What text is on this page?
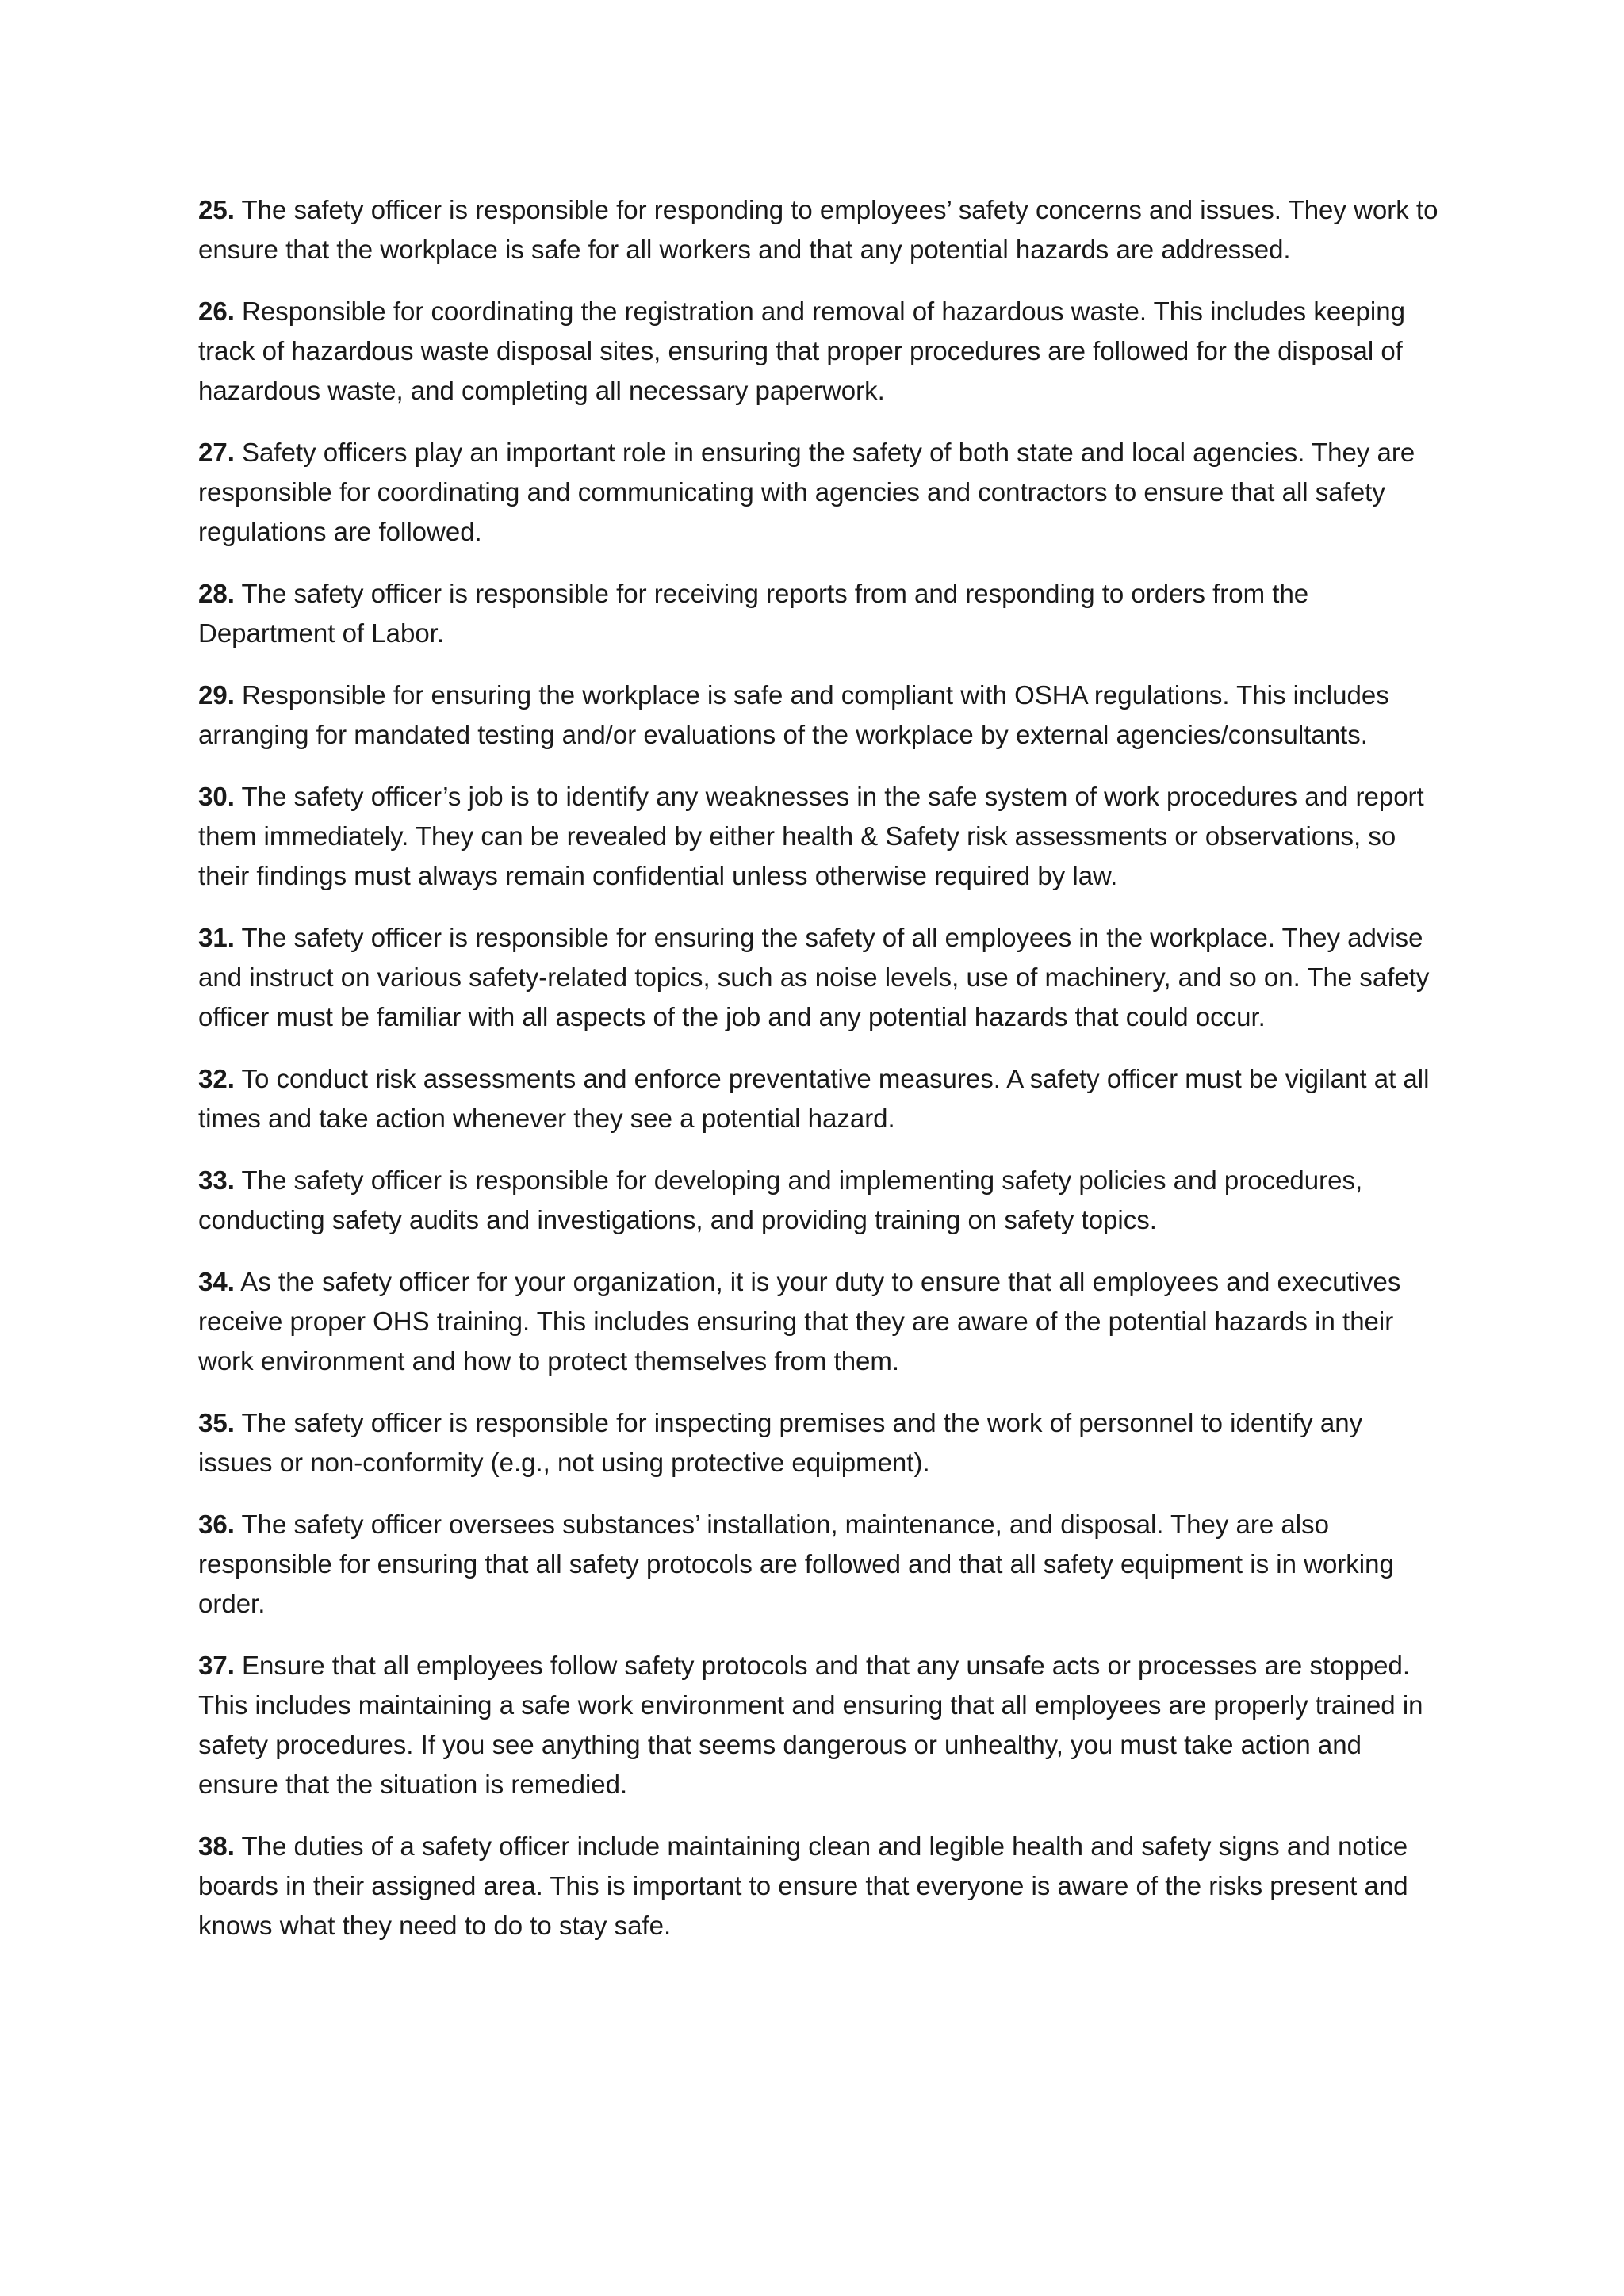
25. The safety officer is responsible for responding to employees’ safety concerns and issues. They work to ensure that the workplace is safe for all workers and that any potential hazards are addressed.

26. Responsible for coordinating the registration and removal of hazardous waste. This includes keeping track of hazardous waste disposal sites, ensuring that proper procedures are followed for the disposal of hazardous waste, and completing all necessary paperwork.

27. Safety officers play an important role in ensuring the safety of both state and local agencies. They are responsible for coordinating and communicating with agencies and contractors to ensure that all safety regulations are followed.

28. The safety officer is responsible for receiving reports from and responding to orders from the Department of Labor.

29. Responsible for ensuring the workplace is safe and compliant with OSHA regulations. This includes arranging for mandated testing and/or evaluations of the workplace by external agencies/consultants.

30. The safety officer’s job is to identify any weaknesses in the safe system of work procedures and report them immediately. They can be revealed by either health & Safety risk assessments or observations, so their findings must always remain confidential unless otherwise required by law.

31. The safety officer is responsible for ensuring the safety of all employees in the workplace. They advise and instruct on various safety-related topics, such as noise levels, use of machinery, and so on. The safety officer must be familiar with all aspects of the job and any potential hazards that could occur.

32. To conduct risk assessments and enforce preventative measures. A safety officer must be vigilant at all times and take action whenever they see a potential hazard.

33. The safety officer is responsible for developing and implementing safety policies and procedures, conducting safety audits and investigations, and providing training on safety topics.

34. As the safety officer for your organization, it is your duty to ensure that all employees and executives receive proper OHS training. This includes ensuring that they are aware of the potential hazards in their work environment and how to protect themselves from them.

35. The safety officer is responsible for inspecting premises and the work of personnel to identify any issues or non-conformity (e.g., not using protective equipment).

36. The safety officer oversees substances’ installation, maintenance, and disposal. They are also responsible for ensuring that all safety protocols are followed and that all safety equipment is in working order.

37. Ensure that all employees follow safety protocols and that any unsafe acts or processes are stopped. This includes maintaining a safe work environment and ensuring that all employees are properly trained in safety procedures. If you see anything that seems dangerous or unhealthy, you must take action and ensure that the situation is remedied.

38. The duties of a safety officer include maintaining clean and legible health and safety signs and notice boards in their assigned area. This is important to ensure that everyone is aware of the risks present and knows what they need to do to stay safe.
